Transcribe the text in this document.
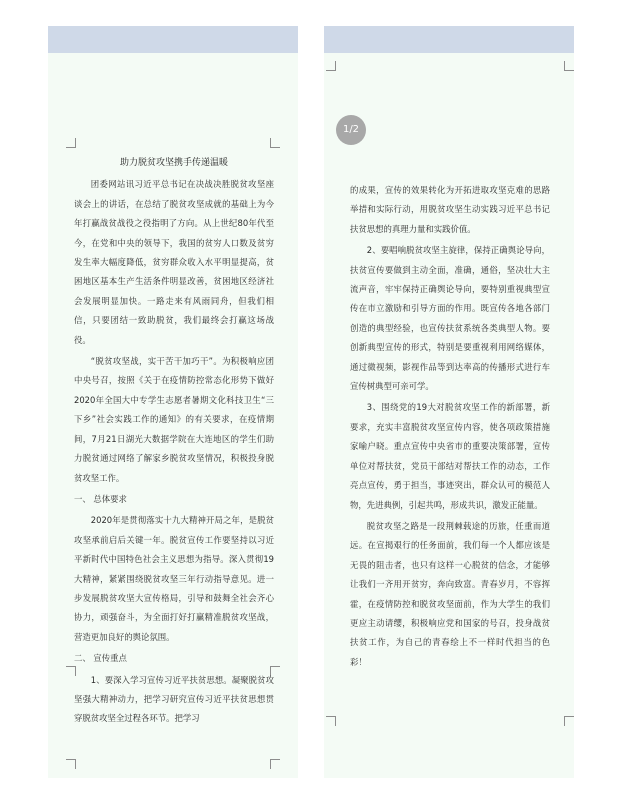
助力脱贫攻坚携手传递温暖

团委网站讯习近平总书记在决战决胜脱贫攻坚座谈会上的讲话，在总结了脱贫攻坚成就的基础上为今年打赢战贫战役之役指明了方向。从上世纪80年代至今，在党和中央的领导下，我国的贫穷人口数及贫穷发生率大幅度降低，贫穷群众收入水平明显提高，贫困地区基本生产生活条件明显改善，贫困地区经济社会发展明显加快。一路走来有风雨同舟，但我们相信，只要团结一致助脱贫，我们最终会打赢这场战役。

“脱贫攻坚战，实干苦干加巧干”。为积极响应团中央号召，按照《关于在疫情防控常态化形势下做好2020年全国大中专学生志愿者暑期文化科技卫生“三下乡”社会实践工作的通知》的有关要求，在疫情期间，7月21日湖光大数据学院在大连地区的学生们助力脱贫通过网络了解家乡脱贫攻坚情况，积极投身脱贫攻坚工作。

一、 总体要求

2020年是贯彻落实十九大精神开局之年，是脱贫攻坚承前启后关键一年。脱贫宣传工作要坚持以习近平新时代中国特色社会主义思想为指导。深入贯彻19大精神，紧紧围绕脱贫攻坚三年行动指导意见。进一步发展脱贫攻坚大宣传格局，引导和鼓舞全社会齐心协力，顽强奋斗，为全面打好打赢精准脱贫攻坚战，营造更加良好的舆论氛围。

二、 宣传重点

1、要深入学习宣传习近平扶贫思想。凝聚脱贫攻坚强大精神动力，把学习研究宣传习近平扶贫思想贯穿脱贫攻坚全过程各环节。把学习

1/2

的成果，宣传的效果转化为开拓进取攻坚克难的思路举措和实际行动，用脱贫攻坚生动实践习近平总书记扶贫思想的真理力量和实践价值。

2、要唱响脱贫攻坚主旋律，保持正确舆论导向，扶贫宣传要做到主动全面，准确，通俗，坚决壮大主流声音，牢牢保持正确舆论导向，要特别重视典型宣传在市立激励和引导方面的作用。既宣传各地各部门创造的典型经验，也宣传扶贫系统各类典型人物。要创新典型宣传的形式，特别是要重视利用网络媒体，通过微视频，影视作品等到达率高的传播形式进行车宣传树典型可亲可学。

3、围绕党的19大对脱贫攻坚工作的新部署，新要求，充实丰富脱贫攻坚宣传内容，使各项政策措施家喻户晓。重点宣传中央省市的重要决策部署，宣传单位对帮扶贫，党员干部结对帮扶工作的动态，工作亮点宣传，勇于担当，事迹突出，群众认可的模范人物，先进典例，引起共鸣，形成共识，激发正能量。

脱贫攻坚之路是一段荆棘载途的历旅，任重而道远。在宣揭艰行的任务面前，我们每一个人都应该是无畏的阻击者，也只有这样一心脱贫的信念，才能够让我们一齐用开贫穷，奔向致富。青春岁月，不容挥霍，在疫情防控和脱贫攻坚面前，作为大学生的我们更应主动请缨，积极响应党和国家的号召，投身战贫扶贫工作，为自己的青春绘上不一样时代担当的色彩！
